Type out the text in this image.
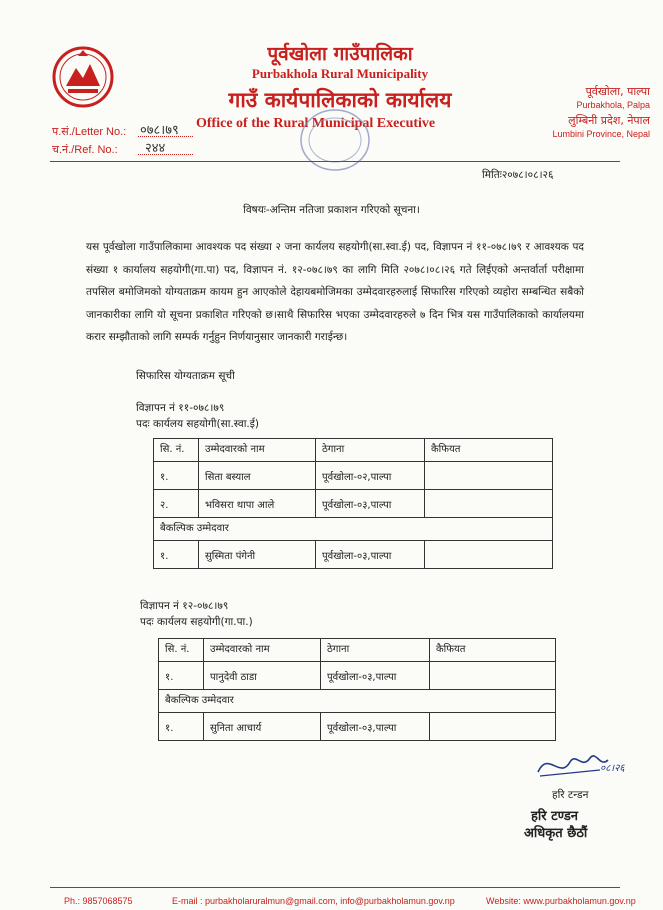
पूर्वखोला गाउँपालिका
Purbakhola Rural Municipality
गाउँ कार्यपालिकाको कार्यालय
Office of the Rural Municipal Executive
प.सं./Letter No.: ०७८।७९
च.नं./Ref. No.: २४४
पूर्वखोला, पाल्पा
Purbakhola, Palpa
लुम्बिनी प्रदेश, नेपाल
Lumbini Province, Nepal
मितिः२०७८।०८।२६
विषयः-अन्तिम नतिजा प्रकाशन गरिएको सूचना।
यस पूर्वखोला गाउँपालिकामा आवश्यक पद संख्या २ जना कार्यलय सहयोगी(सा.स्वा.ई) पद, विज्ञापन नं ११-०७८।७९ र आवश्यक पद संख्या १ कार्यालय सहयोगी(गा.पा) पद, विज्ञापन नं. १२-०७८।७९ का लागि मिति २०७८।०८।२६ गते लिईएको अन्तर्वार्ता परीक्षामा तपसिल बमोजिमको योग्यताक्रम कायम हुन आएकोले देहायबमोजिमका उम्मेदवारहरुलाई सिफारिस गरिएको व्यहोरा सम्बन्धित सबैको जानकारीका लागि यो सूचना प्रकाशित गरिएको छ।साथै सिफारिस भएका उम्मेदवारहरुले ७ दिन भित्र यस गाउँपालिकाको कार्यालयमा करार सम्झौताको लागि सम्पर्क गर्नुहुन निर्णयानुसार जानकारी गराईन्छ।
सिफारिस योग्यताक्रम सूची
विज्ञापन नं ११-०७८।७९
पदः कार्यलय सहयोगी(सा.स्वा.ई)
सि. नं.	उम्मेदवारको नाम	ठेगाना	कैफियत
१.	सिता बस्याल	पूर्वखोला-०२,पाल्पा	
२.	भविसरा थापा आले	पूर्वखोला-०३,पाल्पा	
बैकल्पिक उम्मेदवार			
१.	सुस्मिता पंगेनी	पूर्वखोला-०३,पाल्पा	
विज्ञापन नं १२-०७८।७९
पदः कार्यलय सहयोगी(गा.पा.)
सि. नं.	उम्मेदवारको नाम	ठेगाना	कैफियत
१.	पानुदेवी ठाडा	पूर्वखोला-०३,पाल्पा	
बैकल्पिक उम्मेदवार			
१.	सुनिता आचार्य	पूर्वखोला-०३,पाल्पा	
०८।२६
हरि टन्डन
हरि टण्डन
अधिकृत छैठौं
Ph.: 9857068575	E-mail : purbakholaruralmun@gmail.com, info@purbakholamun.gov.np	Website: www.purbakholamun.gov.np
